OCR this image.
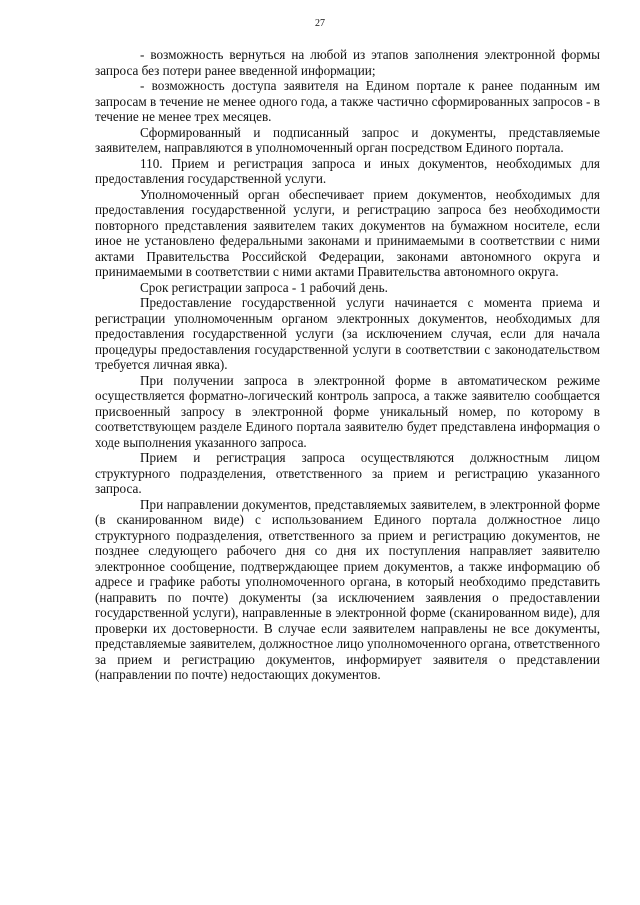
27

- возможность вернуться на любой из этапов заполнения электронной формы запроса без потери ранее введенной информации;

- возможность доступа заявителя на Едином портале к ранее поданным им запросам в течение не менее одного года, а также частично сформированных запросов - в течение не менее трех месяцев.

Сформированный и подписанный запрос и документы, представляемые заявителем, направляются в уполномоченный орган посредством Единого портала.

110. Прием и регистрация запроса и иных документов, необходимых для предоставления государственной услуги.

Уполномоченный орган обеспечивает прием документов, необходимых для предоставления государственной услуги, и регистрацию запроса без необходимости повторного представления заявителем таких документов на бумажном носителе, если иное не установлено федеральными законами и принимаемыми в соответствии с ними актами Правительства Российской Федерации, законами автономного округа и принимаемыми в соответствии с ними актами Правительства автономного округа.

Срок регистрации запроса - 1 рабочий день.

Предоставление государственной услуги начинается с момента приема и регистрации уполномоченным органом электронных документов, необходимых для предоставления государственной услуги (за исключением случая, если для начала процедуры предоставления государственной услуги в соответствии с законодательством требуется личная явка).

При получении запроса в электронной форме в автоматическом режиме осуществляется форматно-логический контроль запроса, а также заявителю сообщается присвоенный запросу в электронной форме уникальный номер, по которому в соответствующем разделе Единого портала заявителю будет представлена информация о ходе выполнения указанного запроса.

Прием и регистрация запроса осуществляются должностным лицом структурного подразделения, ответственного за прием и регистрацию указанного запроса.

При направлении документов, представляемых заявителем, в электронной форме (в сканированном виде) с использованием Единого портала должностное лицо структурного подразделения, ответственного за прием и регистрацию документов, не позднее следующего рабочего дня со дня их поступления направляет заявителю электронное сообщение, подтверждающее прием документов, а также информацию об адресе и графике работы уполномоченного органа, в который необходимо представить (направить по почте) документы (за исключением заявления о предоставлении государственной услуги), направленные в электронной форме (сканированном виде), для проверки их достоверности. В случае если заявителем направлены не все документы, представляемые заявителем, должностное лицо уполномоченного органа, ответственного за прием и регистрацию документов, информирует заявителя о представлении (направлении по почте) недостающих документов.
